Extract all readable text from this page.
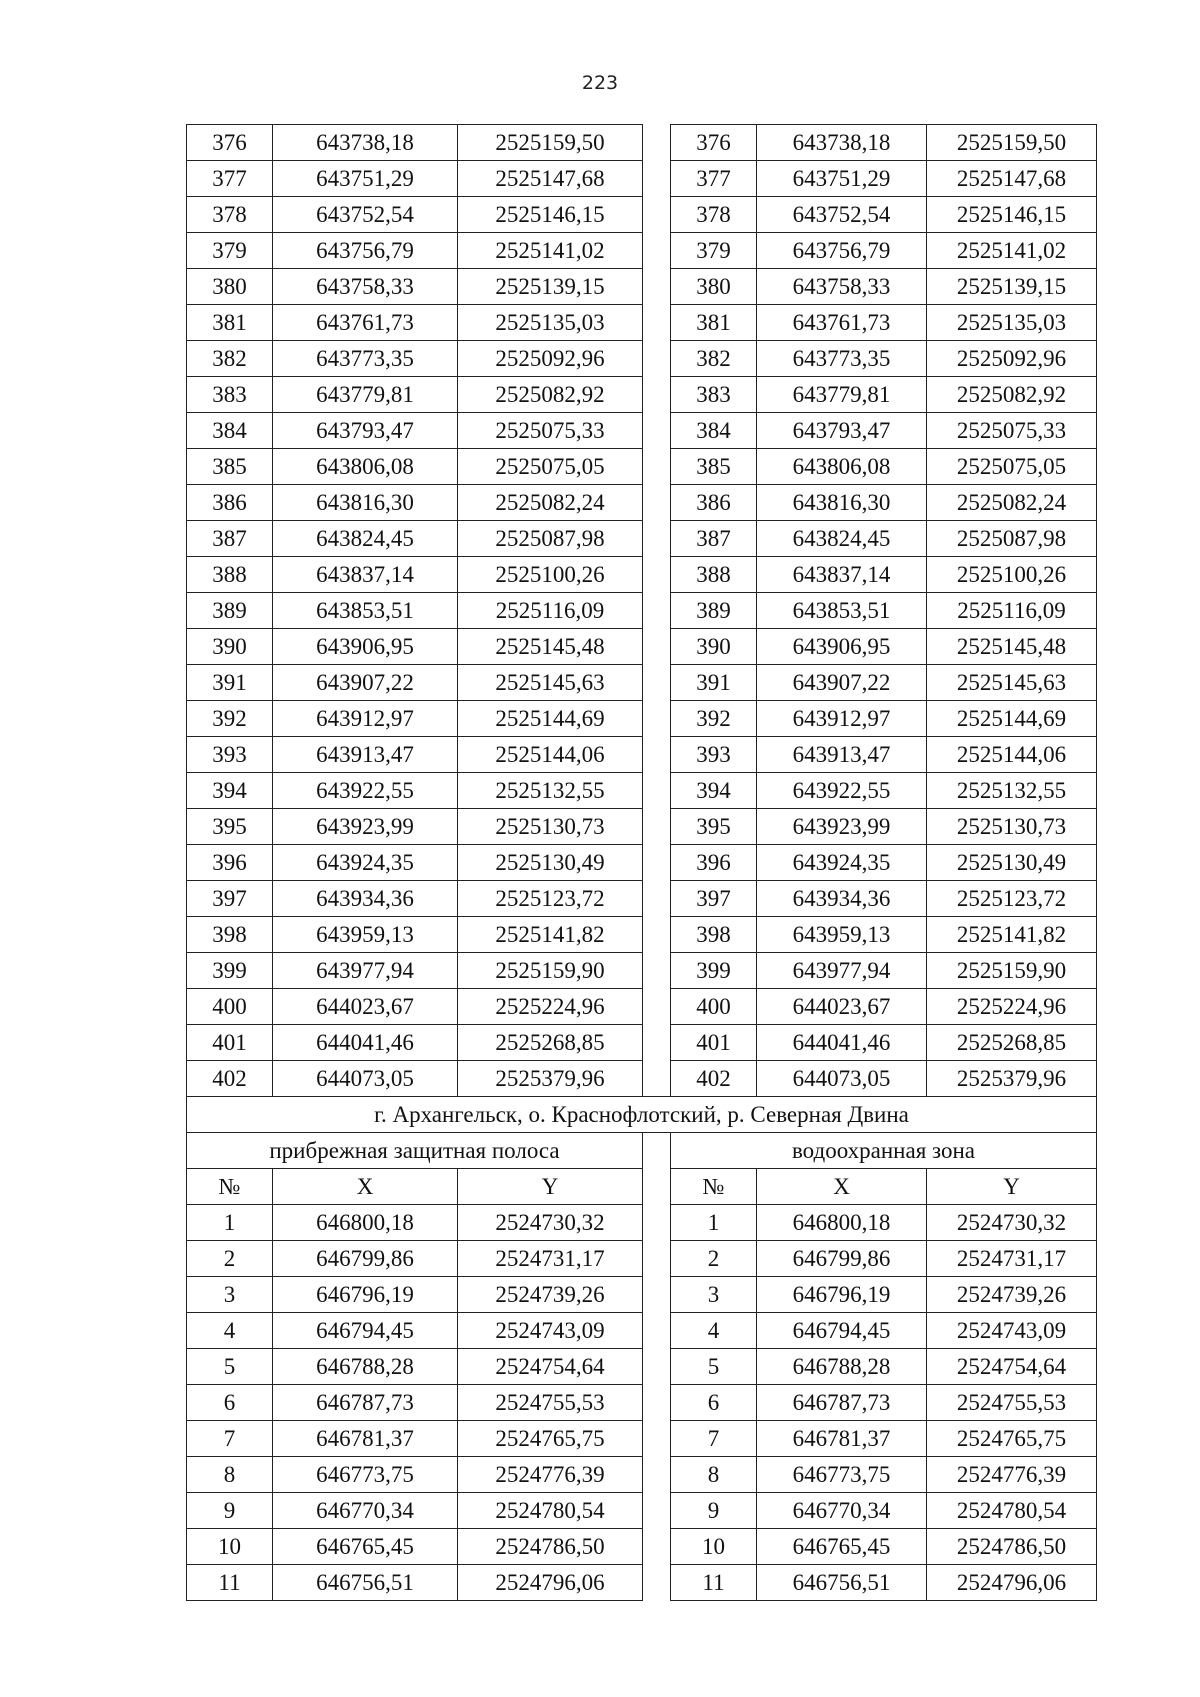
223
376	643738,18	2525159,50		376	643738,18	2525159,50
377	643751,29	2525147,68		377	643751,29	2525147,68
378	643752,54	2525146,15		378	643752,54	2525146,15
379	643756,79	2525141,02		379	643756,79	2525141,02
380	643758,33	2525139,15		380	643758,33	2525139,15
381	643761,73	2525135,03		381	643761,73	2525135,03
382	643773,35	2525092,96		382	643773,35	2525092,96
383	643779,81	2525082,92		383	643779,81	2525082,92
384	643793,47	2525075,33		384	643793,47	2525075,33
385	643806,08	2525075,05		385	643806,08	2525075,05
386	643816,30	2525082,24		386	643816,30	2525082,24
387	643824,45	2525087,98		387	643824,45	2525087,98
388	643837,14	2525100,26		388	643837,14	2525100,26
389	643853,51	2525116,09		389	643853,51	2525116,09
390	643906,95	2525145,48		390	643906,95	2525145,48
391	643907,22	2525145,63		391	643907,22	2525145,63
392	643912,97	2525144,69		392	643912,97	2525144,69
393	643913,47	2525144,06		393	643913,47	2525144,06
394	643922,55	2525132,55		394	643922,55	2525132,55
395	643923,99	2525130,73		395	643923,99	2525130,73
396	643924,35	2525130,49		396	643924,35	2525130,49
397	643934,36	2525123,72		397	643934,36	2525123,72
398	643959,13	2525141,82		398	643959,13	2525141,82
399	643977,94	2525159,90		399	643977,94	2525159,90
400	644023,67	2525224,96		400	644023,67	2525224,96
401	644041,46	2525268,85		401	644041,46	2525268,85
402	644073,05	2525379,96		402	644073,05	2525379,96
г. Архангельск, о. Краснофлотский, р. Северная Двина						
прибрежная защитная полоса				водоохранная зона		
№	X	Y		№	X	Y
1	646800,18	2524730,32		1	646800,18	2524730,32
2	646799,86	2524731,17		2	646799,86	2524731,17
3	646796,19	2524739,26		3	646796,19	2524739,26
4	646794,45	2524743,09		4	646794,45	2524743,09
5	646788,28	2524754,64		5	646788,28	2524754,64
6	646787,73	2524755,53		6	646787,73	2524755,53
7	646781,37	2524765,75		7	646781,37	2524765,75
8	646773,75	2524776,39		8	646773,75	2524776,39
9	646770,34	2524780,54		9	646770,34	2524780,54
10	646765,45	2524786,50		10	646765,45	2524786,50
11	646756,51	2524796,06		11	646756,51	2524796,06
